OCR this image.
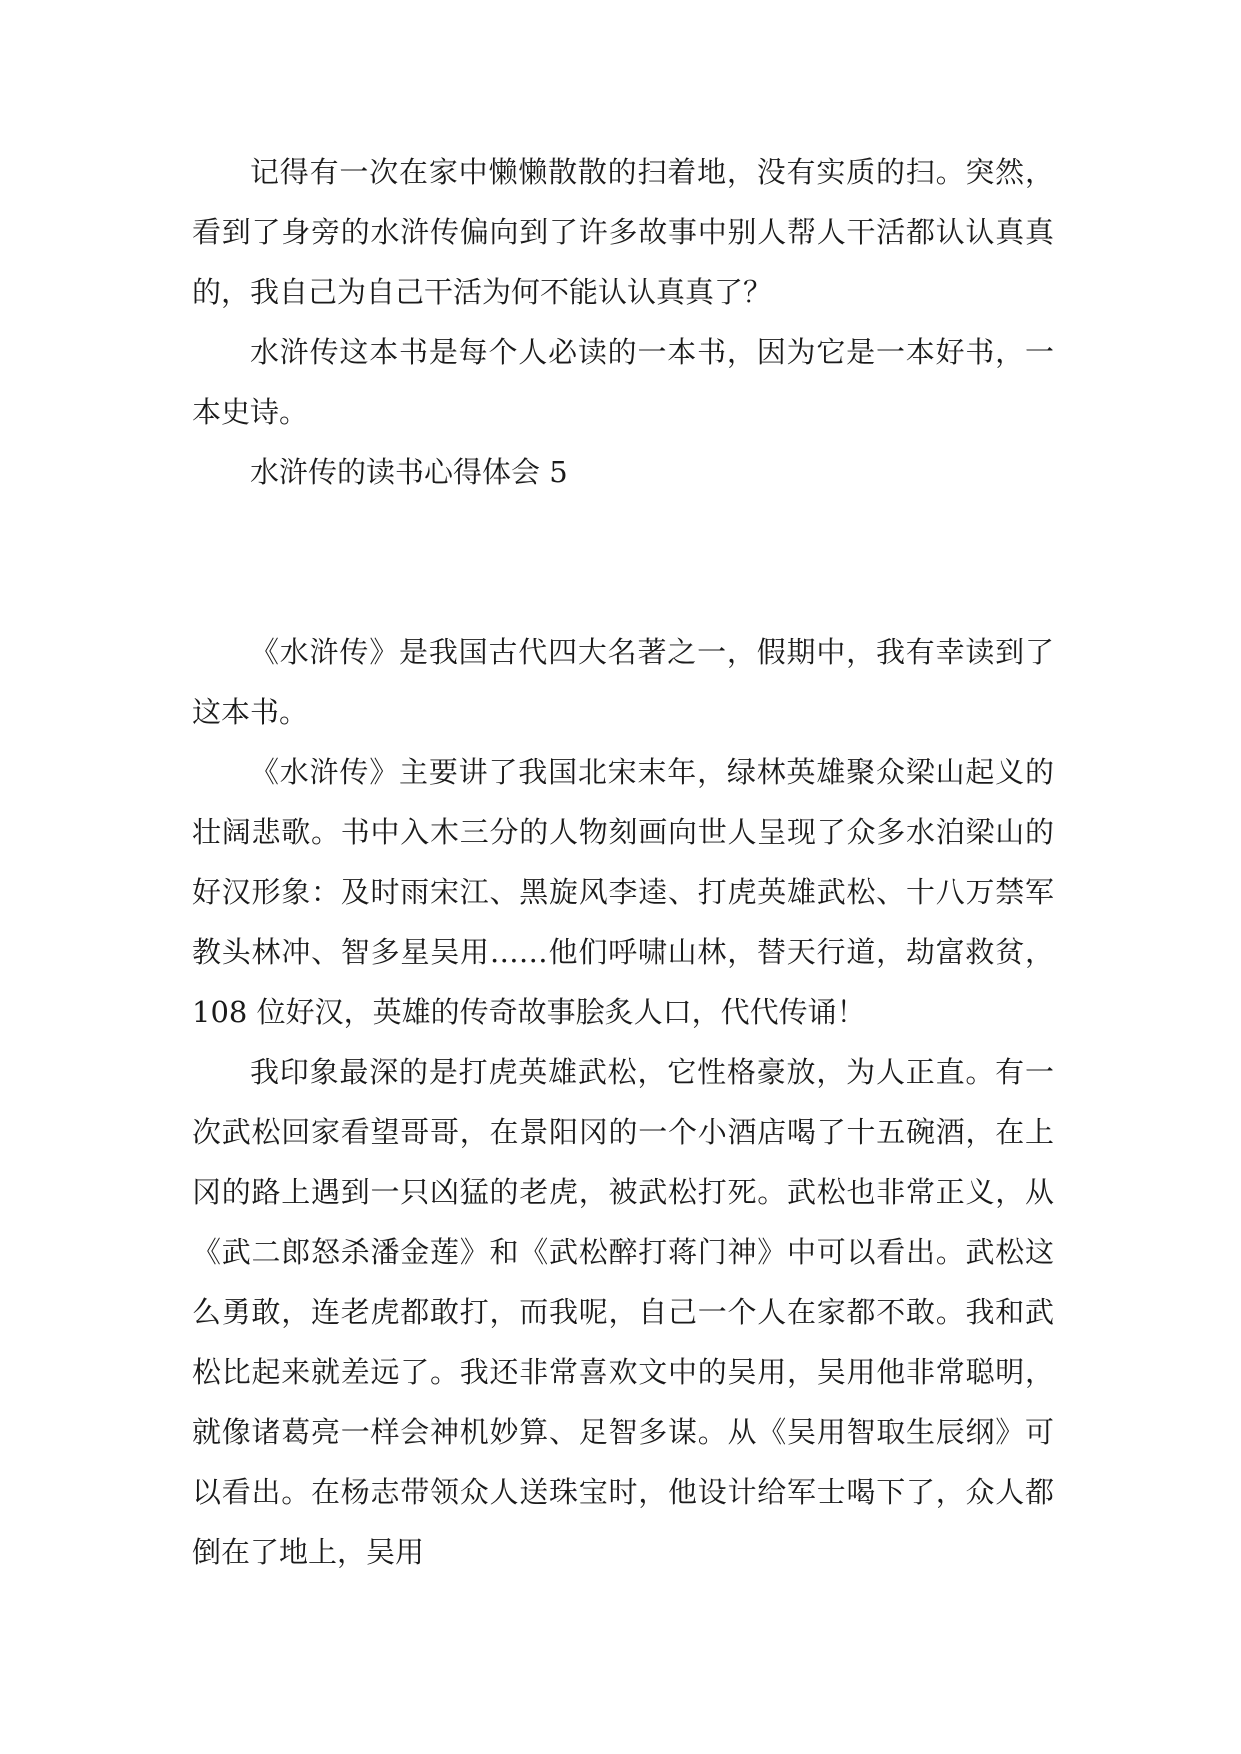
记得有一次在家中懒懒散散的扫着地，没有实质的扫。突然，看到了身旁的水浒传偏向到了许多故事中别人帮人干活都认认真真的，我自己为自己干活为何不能认认真真了？

水浒传这本书是每个人必读的一本书，因为它是一本好书，一本史诗。

水浒传的读书心得体会 5

《水浒传》是我国古代四大名著之一，假期中，我有幸读到了这本书。

《水浒传》主要讲了我国北宋末年，绿林英雄聚众梁山起义的壮阔悲歌。书中入木三分的人物刻画向世人呈现了众多水泊梁山的好汉形象：及时雨宋江、黑旋风李逵、打虎英雄武松、十八万禁军教头林冲、智多星吴用……他们呼啸山林，替天行道，劫富救贫，108 位好汉，英雄的传奇故事脍炙人口，代代传诵！

我印象最深的是打虎英雄武松，它性格豪放，为人正直。有一次武松回家看望哥哥，在景阳冈的一个小酒店喝了十五碗酒，在上冈的路上遇到一只凶猛的老虎，被武松打死。武松也非常正义，从《武二郎怒杀潘金莲》和《武松醉打蒋门神》中可以看出。武松这么勇敢，连老虎都敢打，而我呢，自己一个人在家都不敢。我和武松比起来就差远了。我还非常喜欢文中的吴用，吴用他非常聪明，就像诸葛亮一样会神机妙算、足智多谋。从《吴用智取生辰纲》可以看出。在杨志带领众人送珠宝时，他设计给军士喝下了，众人都倒在了地上，吴用
